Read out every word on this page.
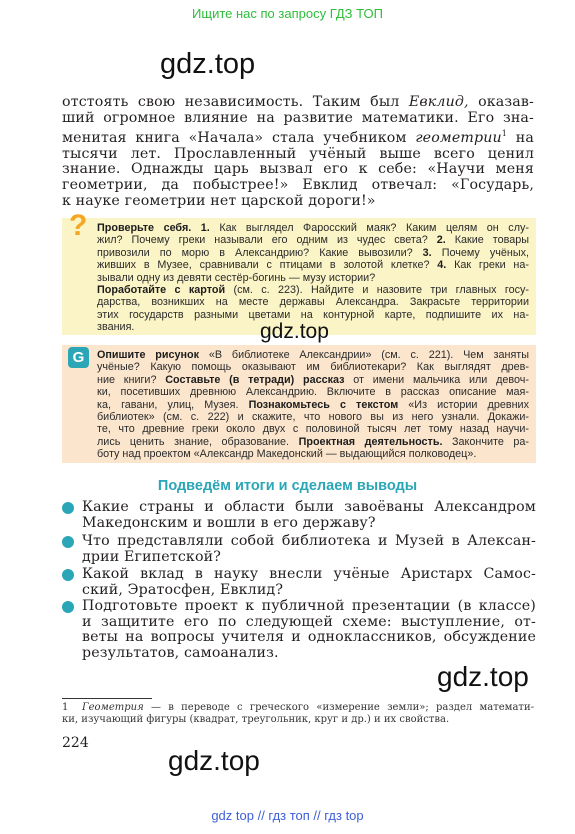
Ищите нас по запросу ГДЗ ТОП
gdz.top
отстоять свою независимость. Таким был Евклид, оказав-
ший огромное влияние на развитие математики. Его зна-
менитая книга «Начала» стала учебником геометрии$^1$ на
тысячи лет. Прославленный учёный выше всего ценил
знание. Однажды царь вызвал его к себе: «Научи меня
геометрии, да побыстрее!» Евклид отвечал: «Государь,
к науке геометрии нет царской дороги!»
? Проверьте себя. 1. Как выглядел Фаросский маяк? Каким целям он слу-
жил? Почему греки называли его одним из чудес света? 2. Какие товары
привозили по морю в Александрию? Какие вывозили? 3. Почему учёных,
живших в Музее, сравнивали с птицами в золотой клетке? 4. Как греки на-
зывали одну из девяти сестёр-богинь — музу истории?
Поработайте с картой (см. с. 223). Найдите и назовите три главных госу-
дарства, возникших на месте державы Александра. Закрасьте территории
этих государств разными цветами на контурной карте, подпишите их на-
звания.	gdz.top
G	Опишите рисунок «В библиотеке Александрии» (см. с. 221). Чем заняты
учёные? Какую помощь оказывают им библиотекари? Как выглядят древ-
ние книги? Составьте (в тетради) рассказ от имени мальчика или девоч-
ки, посетивших древнюю Александрию. Включите в рассказ описание мая-
ка, гавани, улиц, Музея. Познакомьтесь с текстом «Из истории древних
библиотек» (см. с. 222) и скажите, что нового вы из него узнали. Докажи-
те, что древние греки около двух с половиной тысяч лет тому назад научи-
лись ценить знание, образование. Проектная деятельность. Закончите ра-
боту над проектом «Александр Македонский — выдающийся полководец».
Подведём итоги и сделаем выводы
Какие страны и области были завоёваны Александром
Македонским и вошли в его державу?
Что представляли собой библиотека и Музей в Алексан-
дрии Египетской?
Какой вклад в науку внесли учёные Аристарх Самос-
ский, Эратосфен, Евклид?
Подготовьте проект к публичной презентации (в классе)
и защитите его по следующей схеме: выступление, от-
веты на вопросы учителя и одноклассников, обсуждение
результатов, самоанализ.
gdz.top
1 Геометрия — в переводе с греческого «измерение земли»; раздел математи-
ки, изучающий фигуры (квадрат, треугольник, круг и др.) и их свойства.
224
gdz.top
gdz top // гдз топ // гдз top
